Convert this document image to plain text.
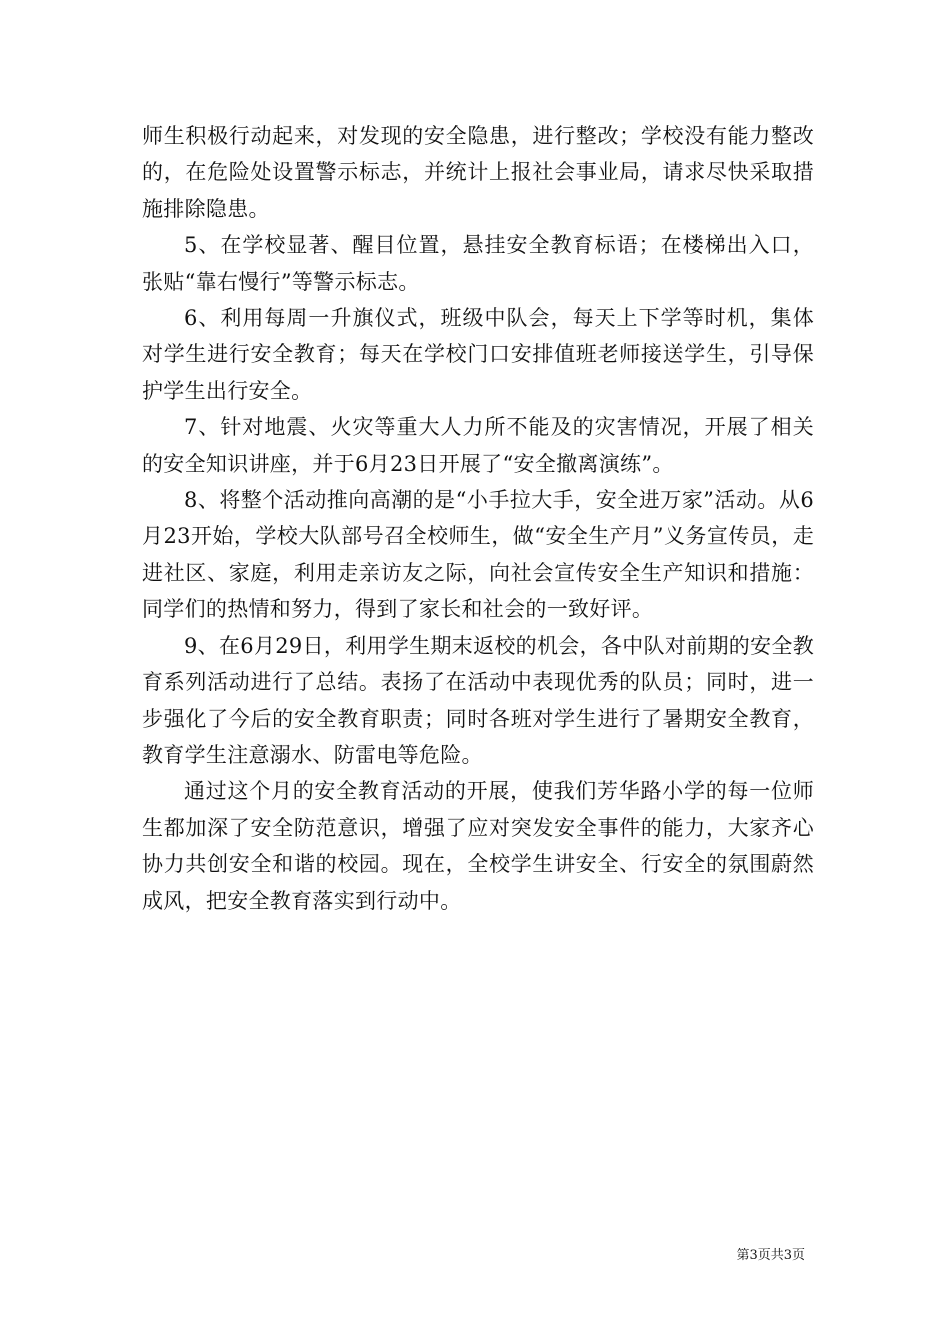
师生积极行动起来，对发现的安全隐患，进行整改；学校没有能力整改的，在危险处设置警示标志，并统计上报社会事业局，请求尽快采取措施排除隐患。

5、在学校显著、醒目位置，悬挂安全教育标语；在楼梯出入口，张贴“靠右慢行”等警示标志。

6、利用每周一升旗仪式，班级中队会，每天上下学等时机，集体对学生进行安全教育；每天在学校门口安排值班老师接送学生，引导保护学生出行安全。

7、针对地震、火灾等重大人力所不能及的灾害情况，开展了相关的安全知识讲座，并于6月23日开展了“安全撤离演练”。

8、将整个活动推向高潮的是“小手拉大手，安全进万家”活动。从6月23开始，学校大队部号召全校师生，做“安全生产月”义务宣传员，走进社区、家庭，利用走亲访友之际，向社会宣传安全生产知识和措施：同学们的热情和努力，得到了家长和社会的一致好评。

9、在6月29日，利用学生期末返校的机会，各中队对前期的安全教育系列活动进行了总结。表扬了在活动中表现优秀的队员；同时，进一步强化了今后的安全教育职责；同时各班对学生进行了暑期安全教育，教育学生注意溺水、防雷电等危险。

通过这个月的安全教育活动的开展，使我们芳华路小学的每一位师生都加深了安全防范意识，增强了应对突发安全事件的能力，大家齐心协力共创安全和谐的校园。现在，全校学生讲安全、行安全的氛围蔚然成风，把安全教育落实到行动中。

第3页共3页
